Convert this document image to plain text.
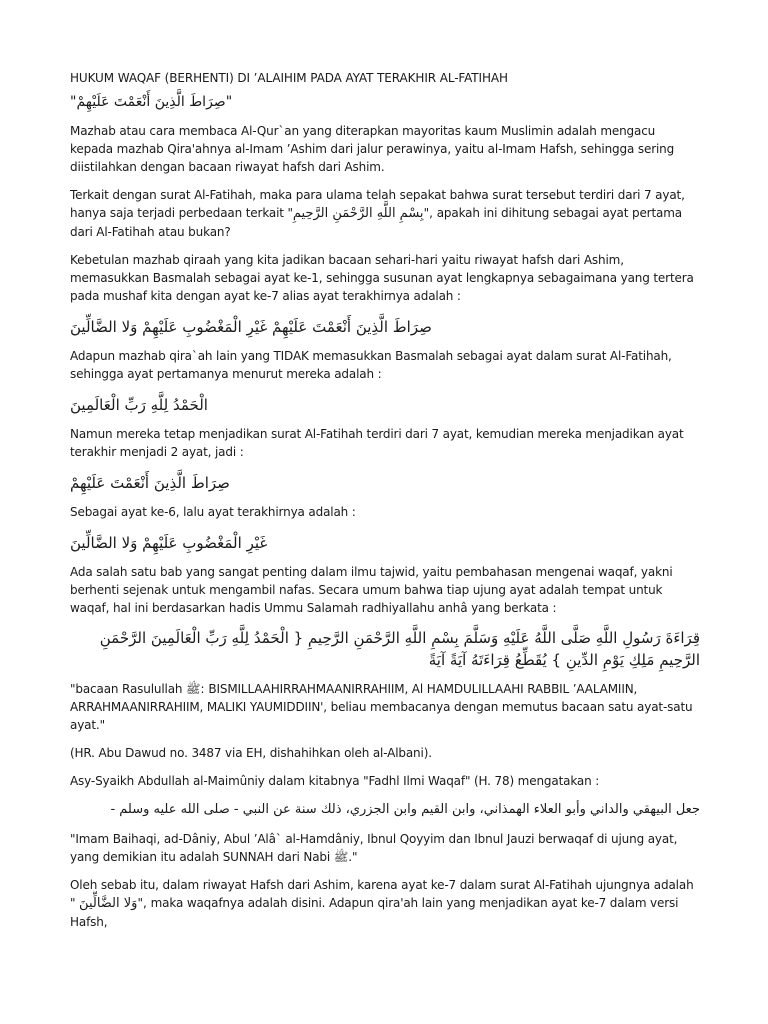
HUKUM WAQAF (BERHENTI) DI ’ALAIHIM PADA AYAT TERAKHIR AL-FATIHAH
"صِرَاطَ الَّذِينَ أَنْعَمْتَ عَلَيْهِمْ"

Mazhab atau cara membaca Al-Qur`an yang diterapkan mayoritas kaum Muslimin adalah mengacu kepada mazhab Qira'ahnya al-Imam ’Ashim dari jalur perawinya, yaitu al-Imam Hafsh, sehingga sering diistilahkan dengan bacaan riwayat hafsh dari Ashim.

Terkait dengan surat Al-Fatihah, maka para ulama telah sepakat bahwa surat tersebut terdiri dari 7 ayat, hanya saja terjadi perbedaan terkait "بِسْمِ اللَّهِ الرَّحْمَنِ الرَّحِيمِ", apakah ini dihitung sebagai ayat pertama dari Al-Fatihah atau bukan?

Kebetulan mazhab qiraah yang kita jadikan bacaan sehari-hari yaitu riwayat hafsh dari Ashim, memasukkan Basmalah sebagai ayat ke-1, sehingga susunan ayat lengkapnya sebagaimana yang tertera pada mushaf kita dengan ayat ke-7 alias ayat terakhirnya adalah :

صِرَاطَ الَّذِينَ أَنْعَمْتَ عَلَيْهِمْ غَيْرِ الْمَغْضُوبِ عَلَيْهِمْ وَلا الضَّالِّينَ

Adapun mazhab qira`ah lain yang TIDAK memasukkan Basmalah sebagai ayat dalam surat Al-Fatihah, sehingga ayat pertamanya menurut mereka adalah :

الْحَمْدُ لِلَّهِ رَبِّ الْعَالَمِينَ

Namun mereka tetap menjadikan surat Al-Fatihah terdiri dari 7 ayat, kemudian mereka menjadikan ayat terakhir menjadi 2 ayat, jadi :

صِرَاطَ الَّذِينَ أَنْعَمْتَ عَلَيْهِمْ

Sebagai ayat ke-6, lalu ayat terakhirnya adalah :

غَيْرِ الْمَغْضُوبِ عَلَيْهِمْ وَلا الضَّالِّينَ

Ada salah satu bab yang sangat penting dalam ilmu tajwid, yaitu pembahasan mengenai waqaf, yakni berhenti sejenak untuk mengambil nafas. Secara umum bahwa tiap ujung ayat adalah tempat untuk waqaf, hal ini berdasarkan hadis Ummu Salamah radhiyallahu anhâ yang berkata :

قِرَاءَةَ رَسُولِ اللَّهِ صَلَّى اللَّهُ عَلَيْهِ وَسَلَّمَ بِسْمِ اللَّهِ الرَّحْمَنِ الرَّحِيمِ { الْحَمْدُ لِلَّهِ رَبِّ الْعَالَمِينَ الرَّحْمَنِ الرَّحِيمِ مَلِكِ يَوْمِ الدِّينِ } يُقَطِّعُ قِرَاءَتَهُ آيَةً آيَةً

"bacaan Rasulullah ﷺ: BISMILLAAHIRRAHMAANIRRAHIIM, Al HAMDULILLAAHI RABBIL ’AALAMIIN, ARRAHMAANIRRAHIIM, MALIKI YAUMIDDIIN', beliau membacanya dengan memutus bacaan satu ayat-satu ayat."

(HR. Abu Dawud no. 3487 via EH, dishahihkan oleh al-Albani).

Asy-Syaikh Abdullah al-Maimûniy dalam kitabnya "Fadhl Ilmi Waqaf" (H. 78) mengatakan :

جعل البيهقي والداني وأبو العلاء الهمذاني، وابن القيم وابن الجزري، ذلك سنة عن النبي - صلى الله عليه وسلم -

"Imam Baihaqi, ad-Dâniy, Abul ’Alâ` al-Hamdâniy, Ibnul Qoyyim dan Ibnul Jauzi berwaqaf di ujung ayat, yang demikian itu adalah SUNNAH dari Nabi ﷺ."

Oleh sebab itu, dalam riwayat Hafsh dari Ashim, karena ayat ke-7 dalam surat Al-Fatihah ujungnya adalah " وَلا الضَّالِّينَ", maka waqafnya adalah disini. Adapun qira'ah lain yang menjadikan ayat ke-7 dalam versi Hafsh,
